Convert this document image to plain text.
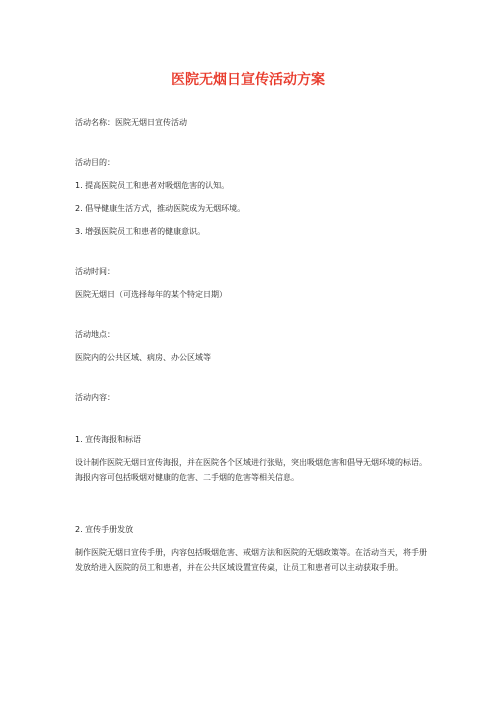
医院无烟日宣传活动方案
活动名称：医院无烟日宣传活动
活动目的：
1. 提高医院员工和患者对吸烟危害的认知。
2. 倡导健康生活方式，推动医院成为无烟环境。
3. 增强医院员工和患者的健康意识。
活动时间：
医院无烟日（可选择每年的某个特定日期）
活动地点：
医院内的公共区域、病房、办公区域等
活动内容：
1. 宣传海报和标语
设计制作医院无烟日宣传海报，并在医院各个区域进行张贴，突出吸烟危害和倡导无烟环境的标语。海报内容可包括吸烟对健康的危害、二手烟的危害等相关信息。
2. 宣传手册发放
制作医院无烟日宣传手册，内容包括吸烟危害、戒烟方法和医院的无烟政策等。在活动当天，将手册发放给进入医院的员工和患者，并在公共区域设置宣传桌，让员工和患者可以主动获取手册。
